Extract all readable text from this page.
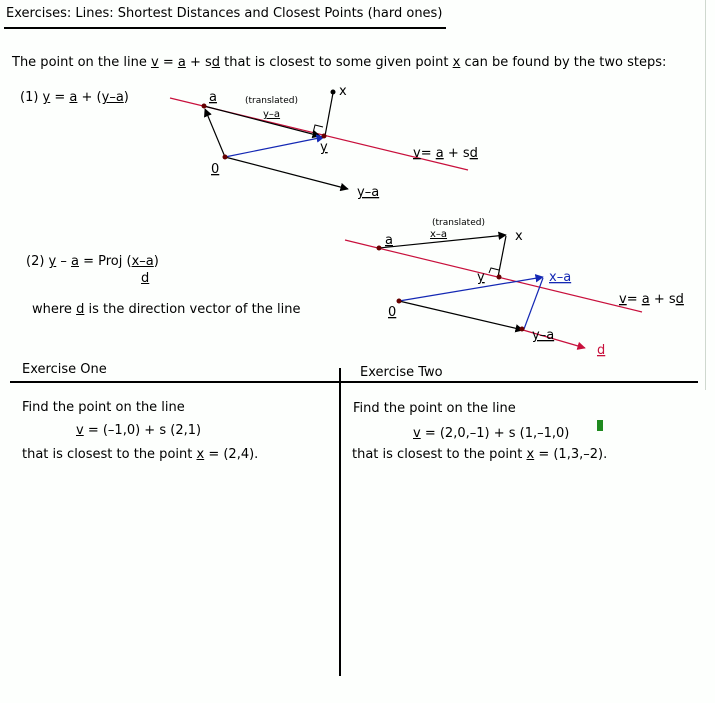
Exercises: Lines: Shortest Distances and Closest Points (hard ones)
The point on the line v = a + sd that is closest to some given point x can be found by the two steps:
(1) y = a + (y–a)	a	x
(translated)
y–a
y
0
y–a
v= a + sd
(2) y – a = Proj (x–a)
d
where d is the direction vector of the line
(translated)
x–a
a	x
y	x–a
0
y–a
d
v= a + sd
Exercise One	Exercise Two
Find the point on the line
v = (–1,0) + s (2,1)
that is closest to the point x = (2,4).
Find the point on the line
v = (2,0,–1) + s (1,–1,0)
that is closest to the point x = (1,3,–2).
